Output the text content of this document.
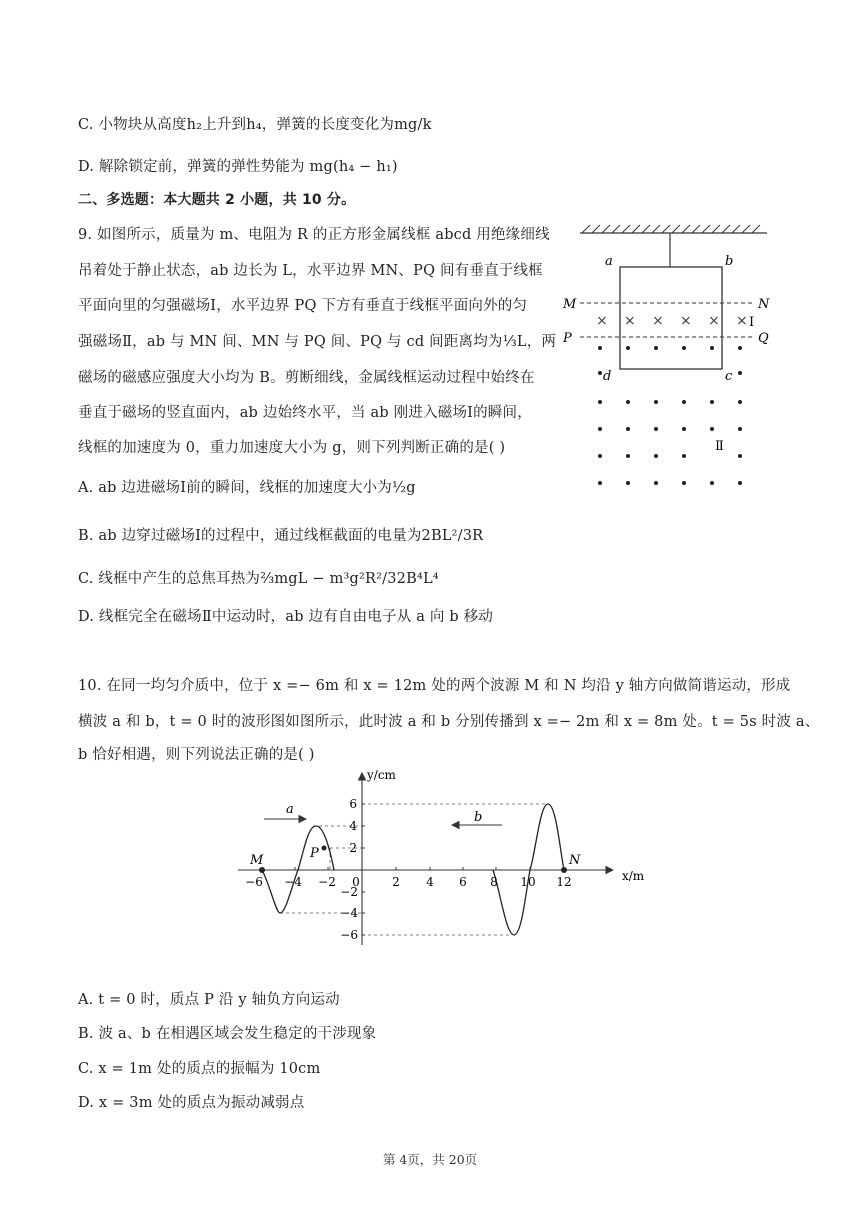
C. 小物块从高度h₂上升到h₄，弹簧的长度变化为mg/k
D. 解除锁定前，弹簧的弹性势能为 mg(h₄ − h₁)
二、多选题：本大题共 2 小题，共 10 分。
9. 如图所示，质量为 m、电阻为 R 的正方形金属线框 abcd 用绝缘细线
吊着处于静止状态，ab 边长为 L，水平边界 MN、PQ 间有垂直于线框
平面向里的匀强磁场Ⅰ，水平边界 PQ 下方有垂直于线框平面向外的匀
强磁场Ⅱ，ab 与 MN 间、MN 与 PQ 间、PQ 与 cd 间距离均为⅓L，两
磁场的磁感应强度大小均为 B。剪断细线，金属线框运动过程中始终在
垂直于磁场的竖直面内，ab 边始终水平，当 ab 刚进入磁场Ⅰ的瞬间，
线框的加速度为 0，重力加速度大小为 g，则下列判断正确的是( )
A. ab 边进磁场Ⅰ前的瞬间，线框的加速度大小为½g
B. ab 边穿过磁场Ⅰ的过程中，通过线框截面的电量为2BL²/3R
C. 线框中产生的总焦耳热为⅔mgL − m³g²R²/32B⁴L⁴
D. 线框完全在磁场Ⅱ中运动时，ab 边有自由电子从 a 向 b 移动
a	b
d	c
M	N
P	Q
Ⅰ
Ⅱ
× × × × × ×
10. 在同一均匀介质中，位于 x =− 6m 和 x = 12m 处的两个波源 M 和 N 均沿 y 轴方向做简谐运动，形成
横波 a 和 b，t = 0 时的波形图如图所示，此时波 a 和 b 分别传播到 x =− 2m 和 x = 8m 处。t = 5s 时波 a、
b 恰好相遇，则下列说法正确的是( )
y/cm
x/m
M	N
P
a
b
−6 −4 −2 0	2 4 6 8 10 12
6
4
2
−2
−4
−6
A. t = 0 时，质点 P 沿 y 轴负方向运动
B. 波 a、b 在相遇区域会发生稳定的干涉现象
C. x = 1m 处的质点的振幅为 10cm
D. x = 3m 处的质点为振动减弱点
第 4页，共 20页
